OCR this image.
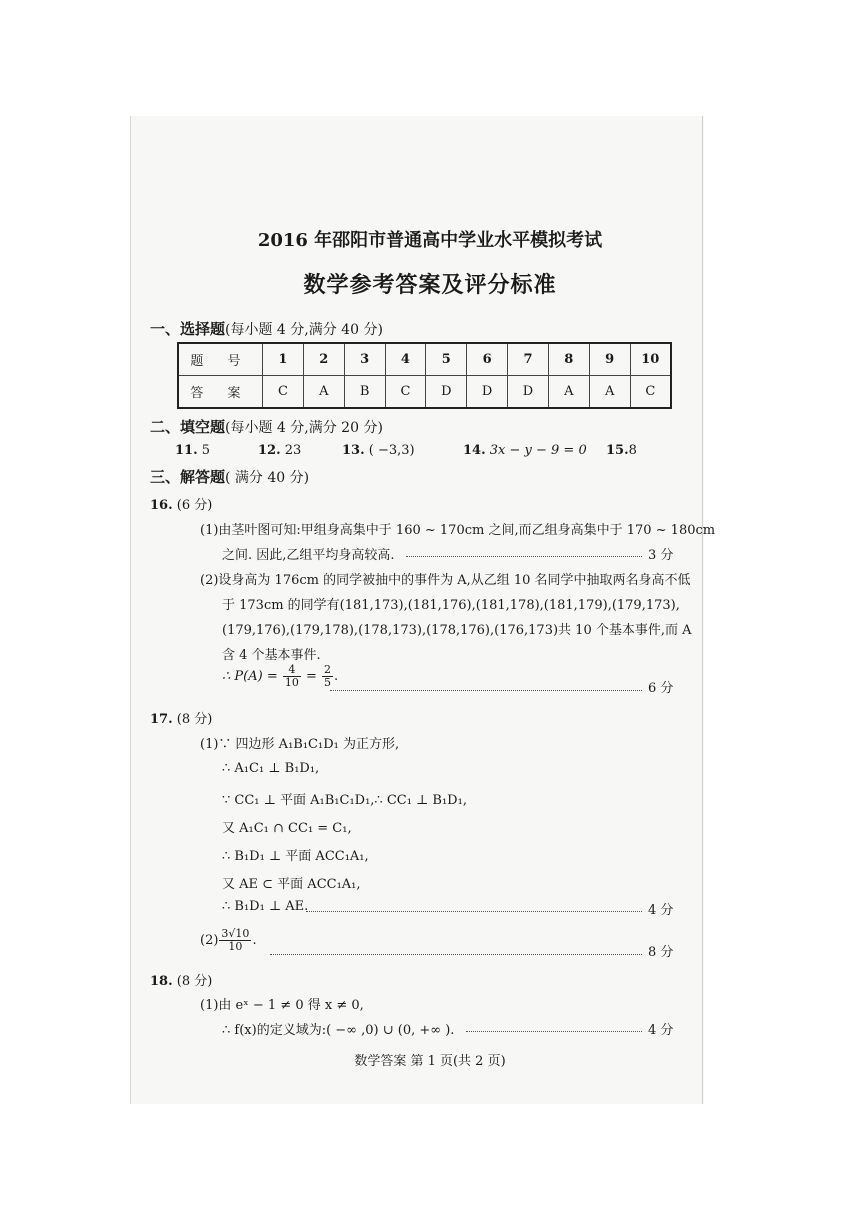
2016 年邵阳市普通高中学业水平模拟考试
数学参考答案及评分标准
一、选择题(每小题 4 分,满分 40 分)
题 号	1	2	3	4	5	6	7	8	9	10
答 案	C	A	B	C	D	D	D	A	A	C
二、填空题(每小题 4 分,满分 20 分)
11. 5	12. 23	13. ( −3,3)	14. 3x − y − 9 = 0 15.8
三、解答题( 满分 40 分)
16. (6 分)
(1)由茎叶图可知:甲组身高集中于 160 ~ 170cm 之间,而乙组身高集中于 170 ~ 180cm
之间. 因此,乙组平均身高较高.	3 分
(2)设身高为 176cm 的同学被抽中的事件为 A,从乙组 10 名同学中抽取两名身高不低
于 173cm 的同学有(181,173),(181,176),(181,178),(181,179),(179,173),
(179,176),(179,178),(178,173),(178,176),(176,173)共 10 个基本事件,而 A
含 4 个基本事件.
∴ $P(A) = \frac{4}{10} = \frac{2}{5}$ .
6 分
17. (8 分)
(1)∵ 四边形 A₁B₁C₁D₁ 为正方形,
∴ A₁C₁ ⊥ B₁D₁,
∵ CC₁ ⊥ 平面 A₁B₁C₁D₁,∴ CC₁ ⊥ B₁D₁,
又 A₁C₁ ∩ CC₁ = C₁,
∴ B₁D₁ ⊥ 平面 ACC₁A₁,
又 AE ⊂ 平面 ACC₁A₁,
∴ B₁D₁ ⊥ AE.	4 分
$(2) \frac{3√10}{10}$ .
8 分
18. (8 分)
(1)由 eˣ − 1 ≠ 0 得 x ≠ 0,
∴ f(x)的定义域为:( −∞ ,0) ∪ (0, +∞ ).	4 分
数学答案 第 1 页(共 2 页)
